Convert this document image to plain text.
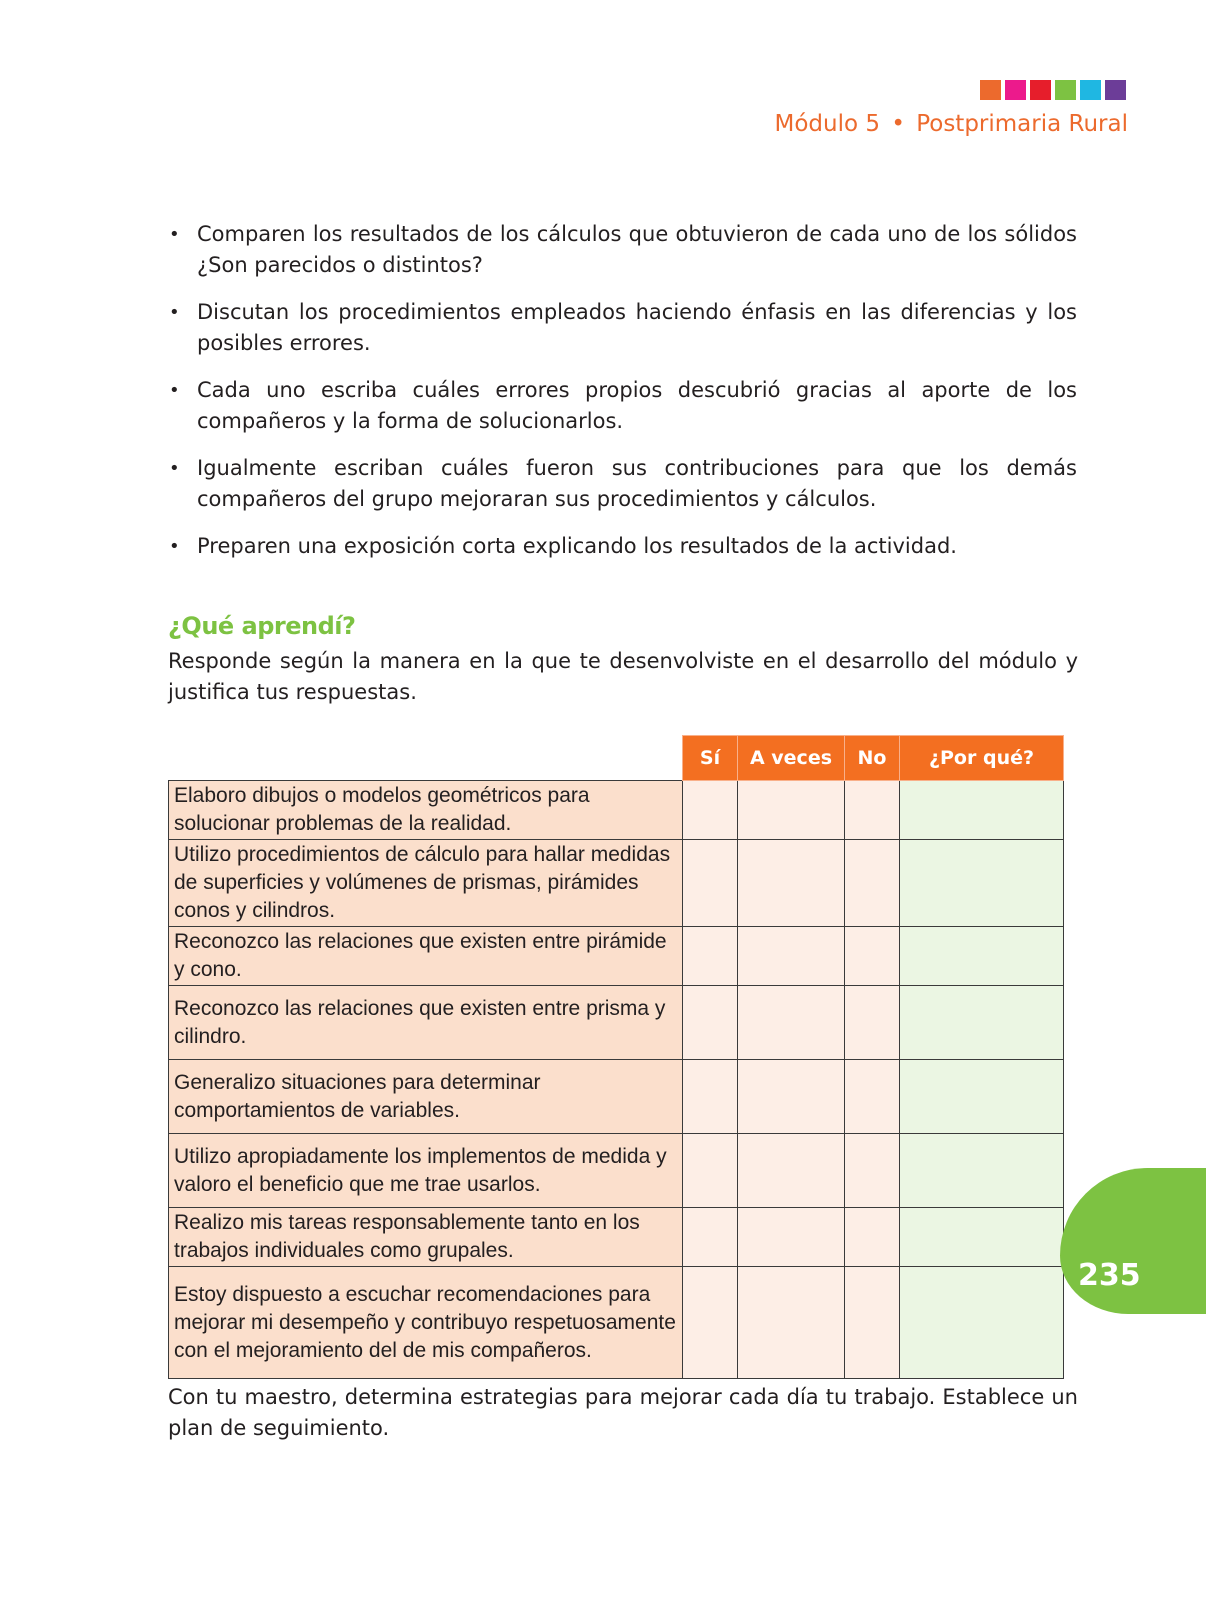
Módulo 5 • Postprimaria Rural
• Comparen los resultados de los cálculos que obtuvieron de cada uno de los sólidos ¿Son parecidos o distintos?
• Discutan los procedimientos empleados haciendo énfasis en las diferencias y los posibles errores.
• Cada uno escriba cuáles errores propios descubrió gracias al aporte de los compañeros y la forma de solucionarlos.
• Igualmente escriban cuáles fueron sus contribuciones para que los demás compañeros del grupo mejoraran sus procedimientos y cálculos.
• Preparen una exposición corta explicando los resultados de la actividad.
¿Qué aprendí?

Responde según la manera en la que te desenvolviste en el desarrollo del módulo y justifica tus respuestas.

	Sí	A veces	No	¿Por qué?
Elaboro dibujos o modelos geométricos para solucionar problemas de la realidad.				
Utilizo procedimientos de cálculo para hallar medidas de superficies y volúmenes de prismas, pirámides conos y cilindros.				
Reconozco las relaciones que existen entre pirámide y cono.				
Reconozco las relaciones que existen entre prisma y cilindro.				
Generalizo situaciones para determinar comportamientos de variables.				
Utilizo apropiadamente los implementos de medida y valoro el beneficio que me trae usarlos.				
Realizo mis tareas responsablemente tanto en los trabajos individuales como grupales.				
Estoy dispuesto a escuchar recomendaciones para mejorar mi desempeño y contribuyo respetuosamente con el mejoramiento del de mis compañeros.				

Con tu maestro, determina estrategias para mejorar cada día tu trabajo. Establece un plan de seguimiento.

235
